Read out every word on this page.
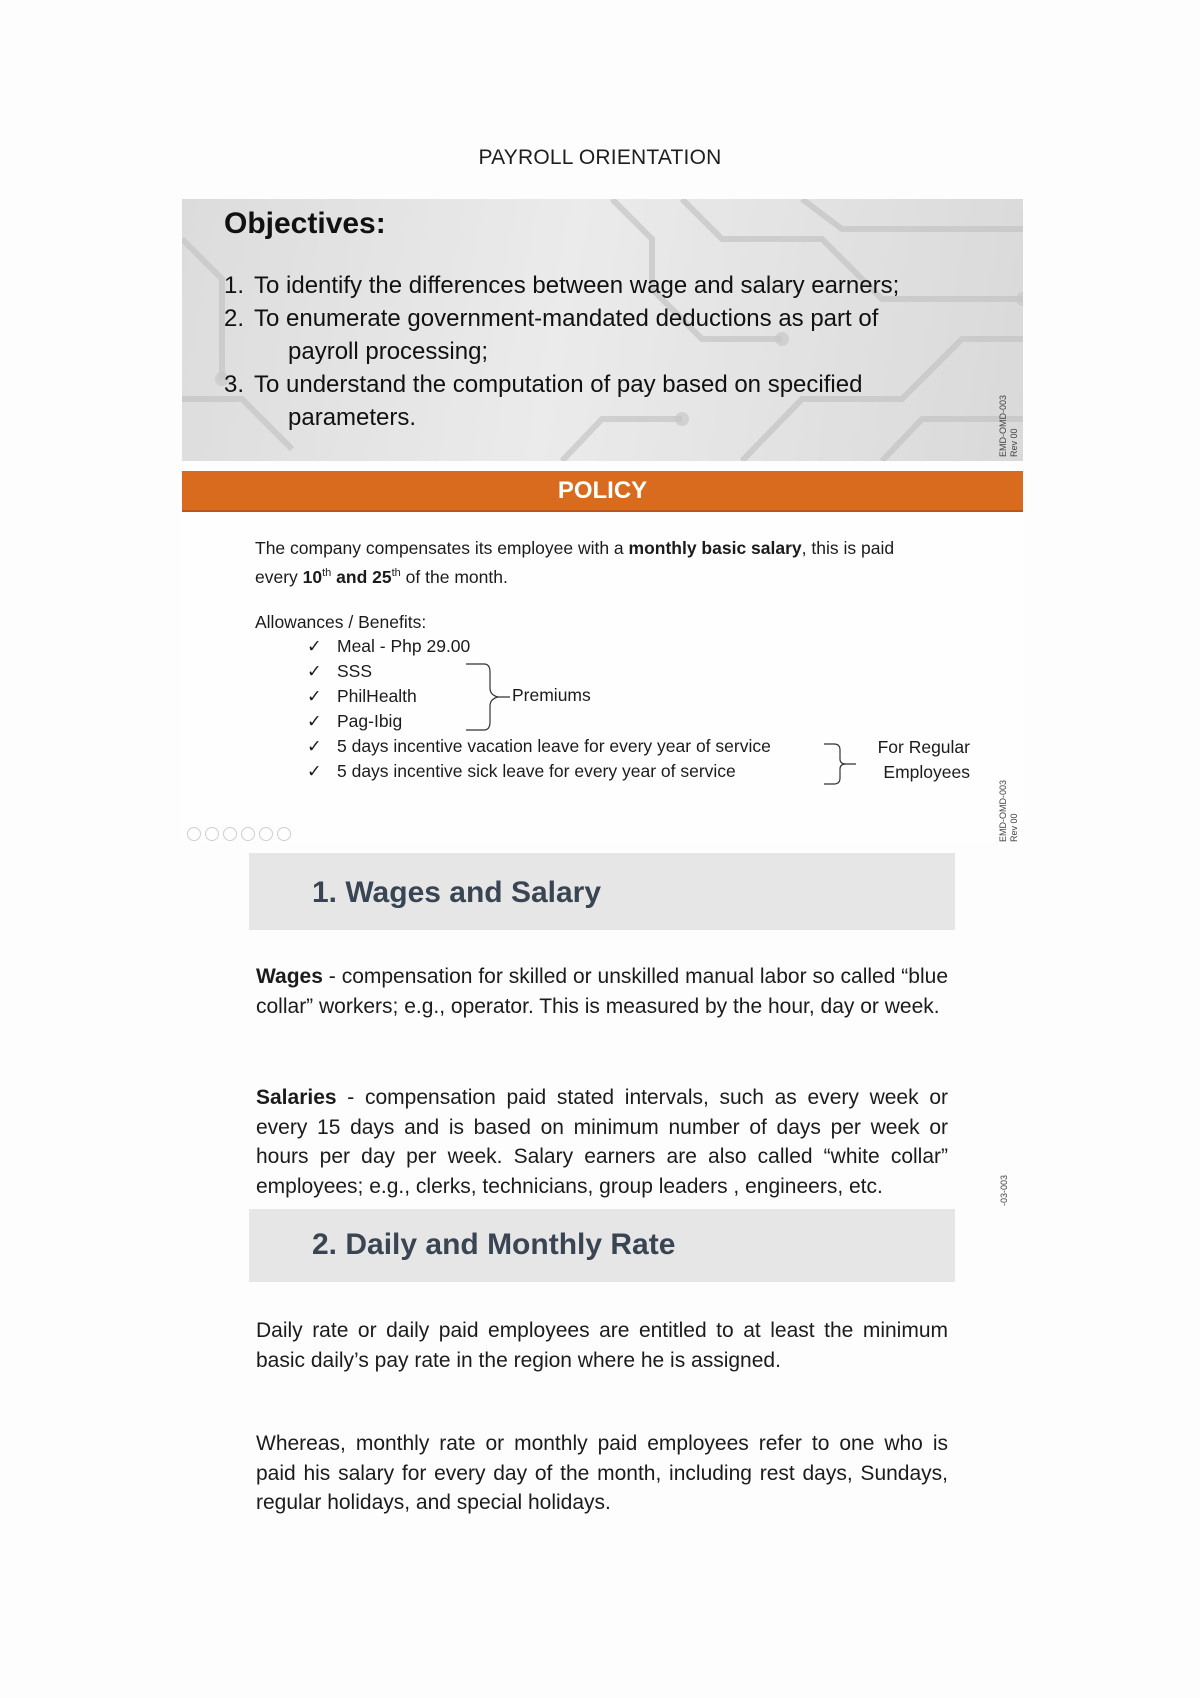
PAYROLL ORIENTATION
Objectives:
1. To identify the differences between wage and salary earners;
2. To enumerate government-mandated deductions as part of
payroll processing;
3. To understand the computation of pay based on specified
parameters.	EMD-OMD-003
Rev 00
POLICY
The company compensates its employee with a monthly basic salary, this is paid
every 10th and 25th of the month.
Allowances / Benefits:
✓ Meal - Php 29.00
✓ SSS
✓ PhilHealth
✓ Pag-Ibig
✓ 5 days incentive vacation leave for every year of service
✓ 5 days incentive sick leave for every year of service
Premiums
For Regular
Employees
EMD-OMD-003
Rev 00
1. Wages and Salary
Wages - compensation for skilled or unskilled manual labor so called “blue collar” workers; e.g., operator. This is measured by the hour, day or week.
Salaries - compensation paid stated intervals, such as every week or every 15 days and is based on minimum number of days per week or hours per day per week. Salary earners are also called “white collar” employees; e.g., clerks, technicians, group leaders , engineers, etc.	-03-003
2. Daily and Monthly Rate
Daily rate or daily paid employees are entitled to at least the minimum basic daily’s pay rate in the region where he is assigned.
Whereas, monthly rate or monthly paid employees refer to one who is paid his salary for every day of the month, including rest days, Sundays, regular holidays, and special holidays.
